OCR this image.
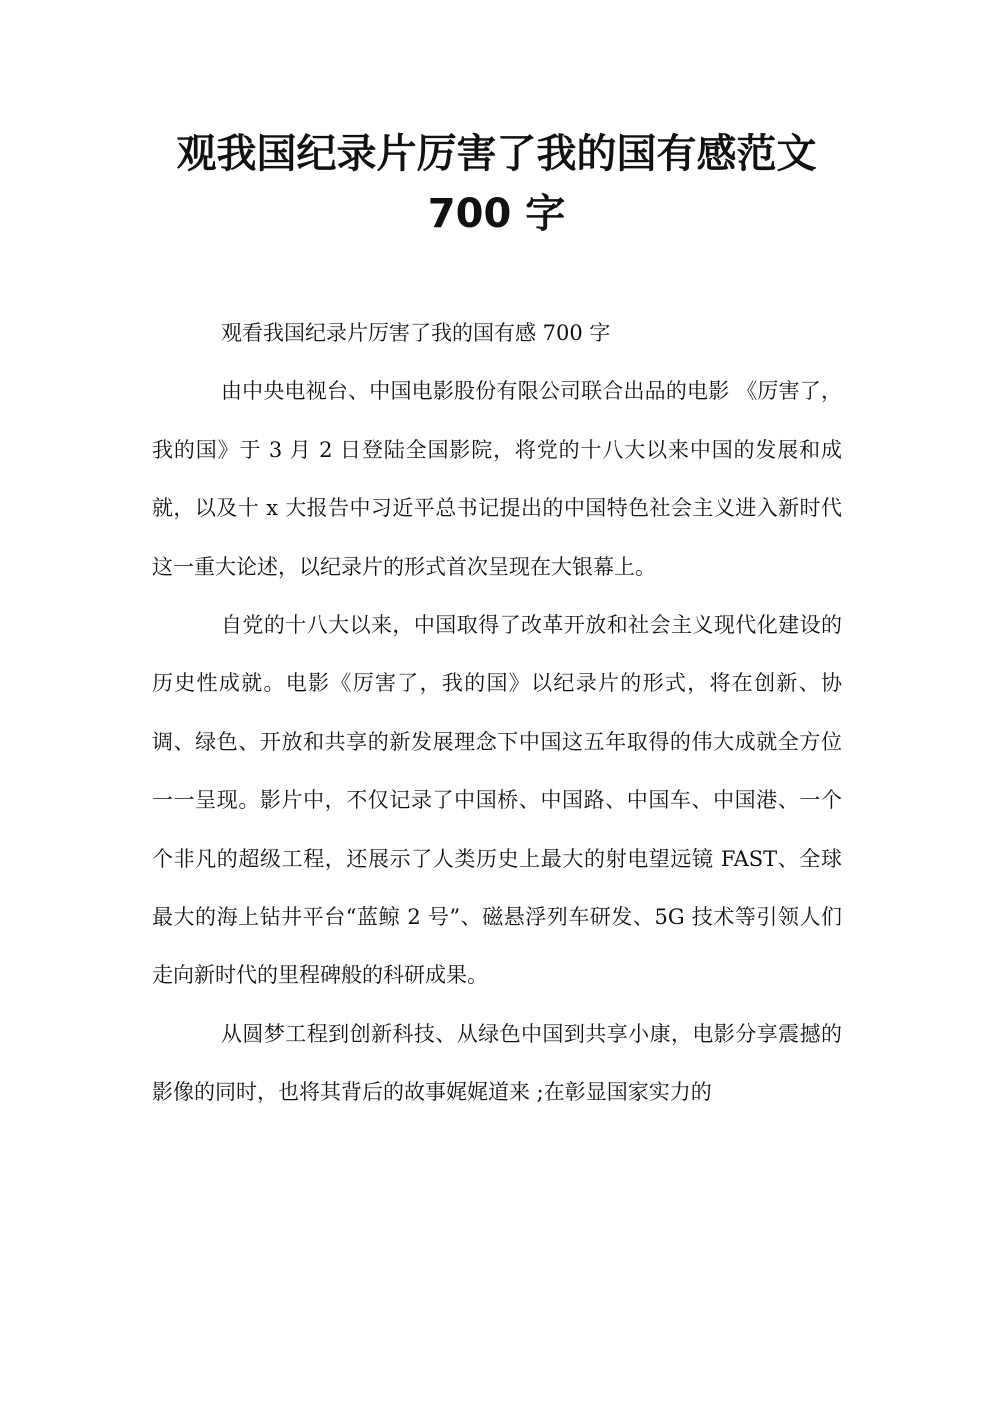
观我国纪录片厉害了我的国有感范文
700 字

观看我国纪录片厉害了我的国有感 700 字

由中央电视台、中国电影股份有限公司联合出品的电影 《厉害了，我的国》于 3 月 2 日登陆全国影院，将党的十八大以来中国的发展和成就，以及十 x 大报告中习近平总书记提出的中国特色社会主义进入新时代这一重大论述，以纪录片的形式首次呈现在大银幕上。

自党的十八大以来，中国取得了改革开放和社会主义现代化建设的历史性成就。电影《厉害了，我的国》以纪录片的形式，将在创新、协调、绿色、开放和共享的新发展理念下中国这五年取得的伟大成就全方位一一呈现。影片中，不仅记录了中国桥、中国路、中国车、中国港、一个个非凡的超级工程，还展示了人类历史上最大的射电望远镜 FAST、全球最大的海上钻井平台“蓝鲸 2 号”、磁悬浮列车研发、5G 技术等引领人们走向新时代的里程碑般的科研成果。

从圆梦工程到创新科技、从绿色中国到共享小康，电影分享震撼的影像的同时，也将其背后的故事娓娓道来 ;在彰显国家实力的
